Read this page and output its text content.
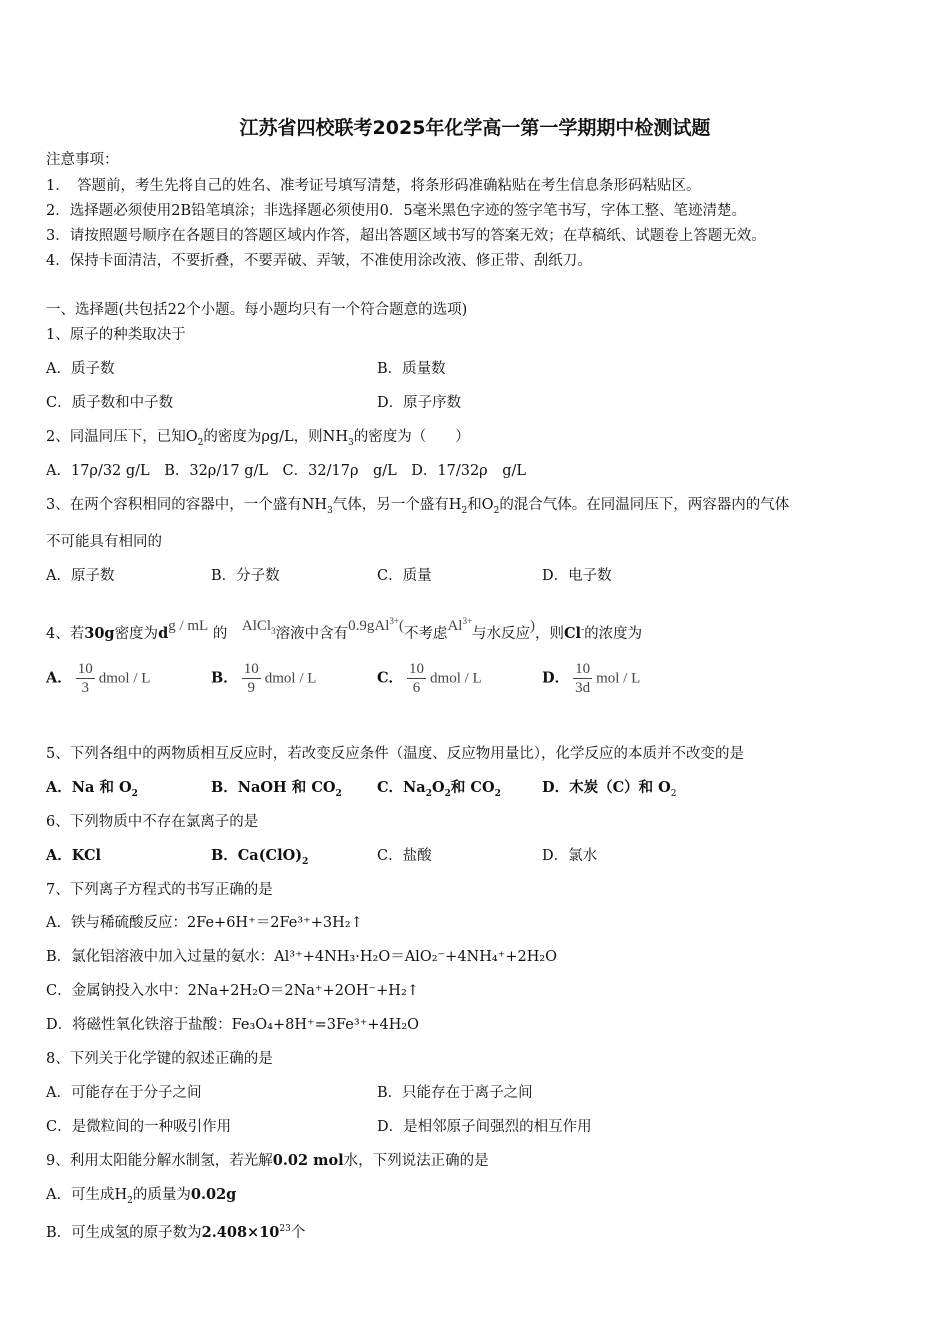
江苏省四校联考2025年化学高一第一学期期中检测试题
注意事项：
1．　答题前，考生先将自己的姓名、准考证号填写清楚，将条形码准确粘贴在考生信息条形码粘贴区。
2．选择题必须使用2B铅笔填涂；非选择题必须使用0．5毫米黑色字迹的签字笔书写，字体工整、笔迹清楚。
3．请按照题号顺序在各题目的答题区域内作答，超出答题区域书写的答案无效；在草稿纸、试题卷上答题无效。
4．保持卡面清洁，不要折叠，不要弄破、弄皱，不准使用涂改液、修正带、刮纸刀。
一、选择题(共包括22个小题。每小题均只有一个符合题意的选项)
1、原子的种类取决于
A．质子数	B．质量数
C．质子数和中子数	D．原子序数
2、同温同压下，已知$O_2$的密度为ρg/L，则$NH_3$的密度为（　　）
A．17ρ/32 g/L　B．32ρ/17 g/L　C．32/17ρ　g/L　D．17/32ρ　g/L
3、在两个容积相同的容器中，一个盛有$NH_3$气体，另一个盛有$H_2$和$O_2$的混合气体。在同温同压下，两容器内的气体
不可能具有相同的
A．原子数	B．分子数	C．质量	D．电子数
4、若30g密度为dg / mL 的 AlCl$_3$溶液中含有0.9gAl$^{3+}$(不考虑$Al^{3+}$与水反应)，则Cl-的浓度为
A． $\frac{10}{3}$ dmol / L	B． $\frac{10}{9}$ dmol / L	C． $\frac{10}{6}$ dmol / L	D． $\frac{10}{3d}$ mol / L
5、下列各组中的两物质相互反应时，若改变反应条件（温度、反应物用量比），化学反应的本质并不改变的是
A．Na 和 $O_2$	B．NaOH 和 $CO_2$ C．$Na_2O_2$和 $CO_2$	D．木炭（C）和 $O_2$
6、下列物质中不存在氯离子的是
A．KCl	B．$Ca(ClO)_2$	C．盐酸	D．氯水
7、下列离子方程式的书写正确的是
A．铁与稀硫酸反应：2Fe+6H⁺＝2Fe³⁺+3H₂↑
B．氯化铝溶液中加入过量的氨水：Al³⁺+4NH₃·H₂O＝AlO₂⁻+4NH₄⁺+2H₂O
C．金属钠投入水中：2Na+2H₂O＝2Na⁺+2OH⁻+H₂↑
D．将磁性氧化铁溶于盐酸：Fe₃O₄+8H⁺=3Fe³⁺+4H₂O
8、下列关于化学键的叙述正确的是
A．可能存在于分子之间	B．只能存在于离子之间
C．是微粒间的一种吸引作用	D．是相邻原子间强烈的相互作用
9、利用太阳能分解水制氢，若光解0.02 mol水，下列说法正确的是
A．可生成$H_2$的质量为0.02g
B．可生成氢的原子数为$2.408\times 10^{23}$个
